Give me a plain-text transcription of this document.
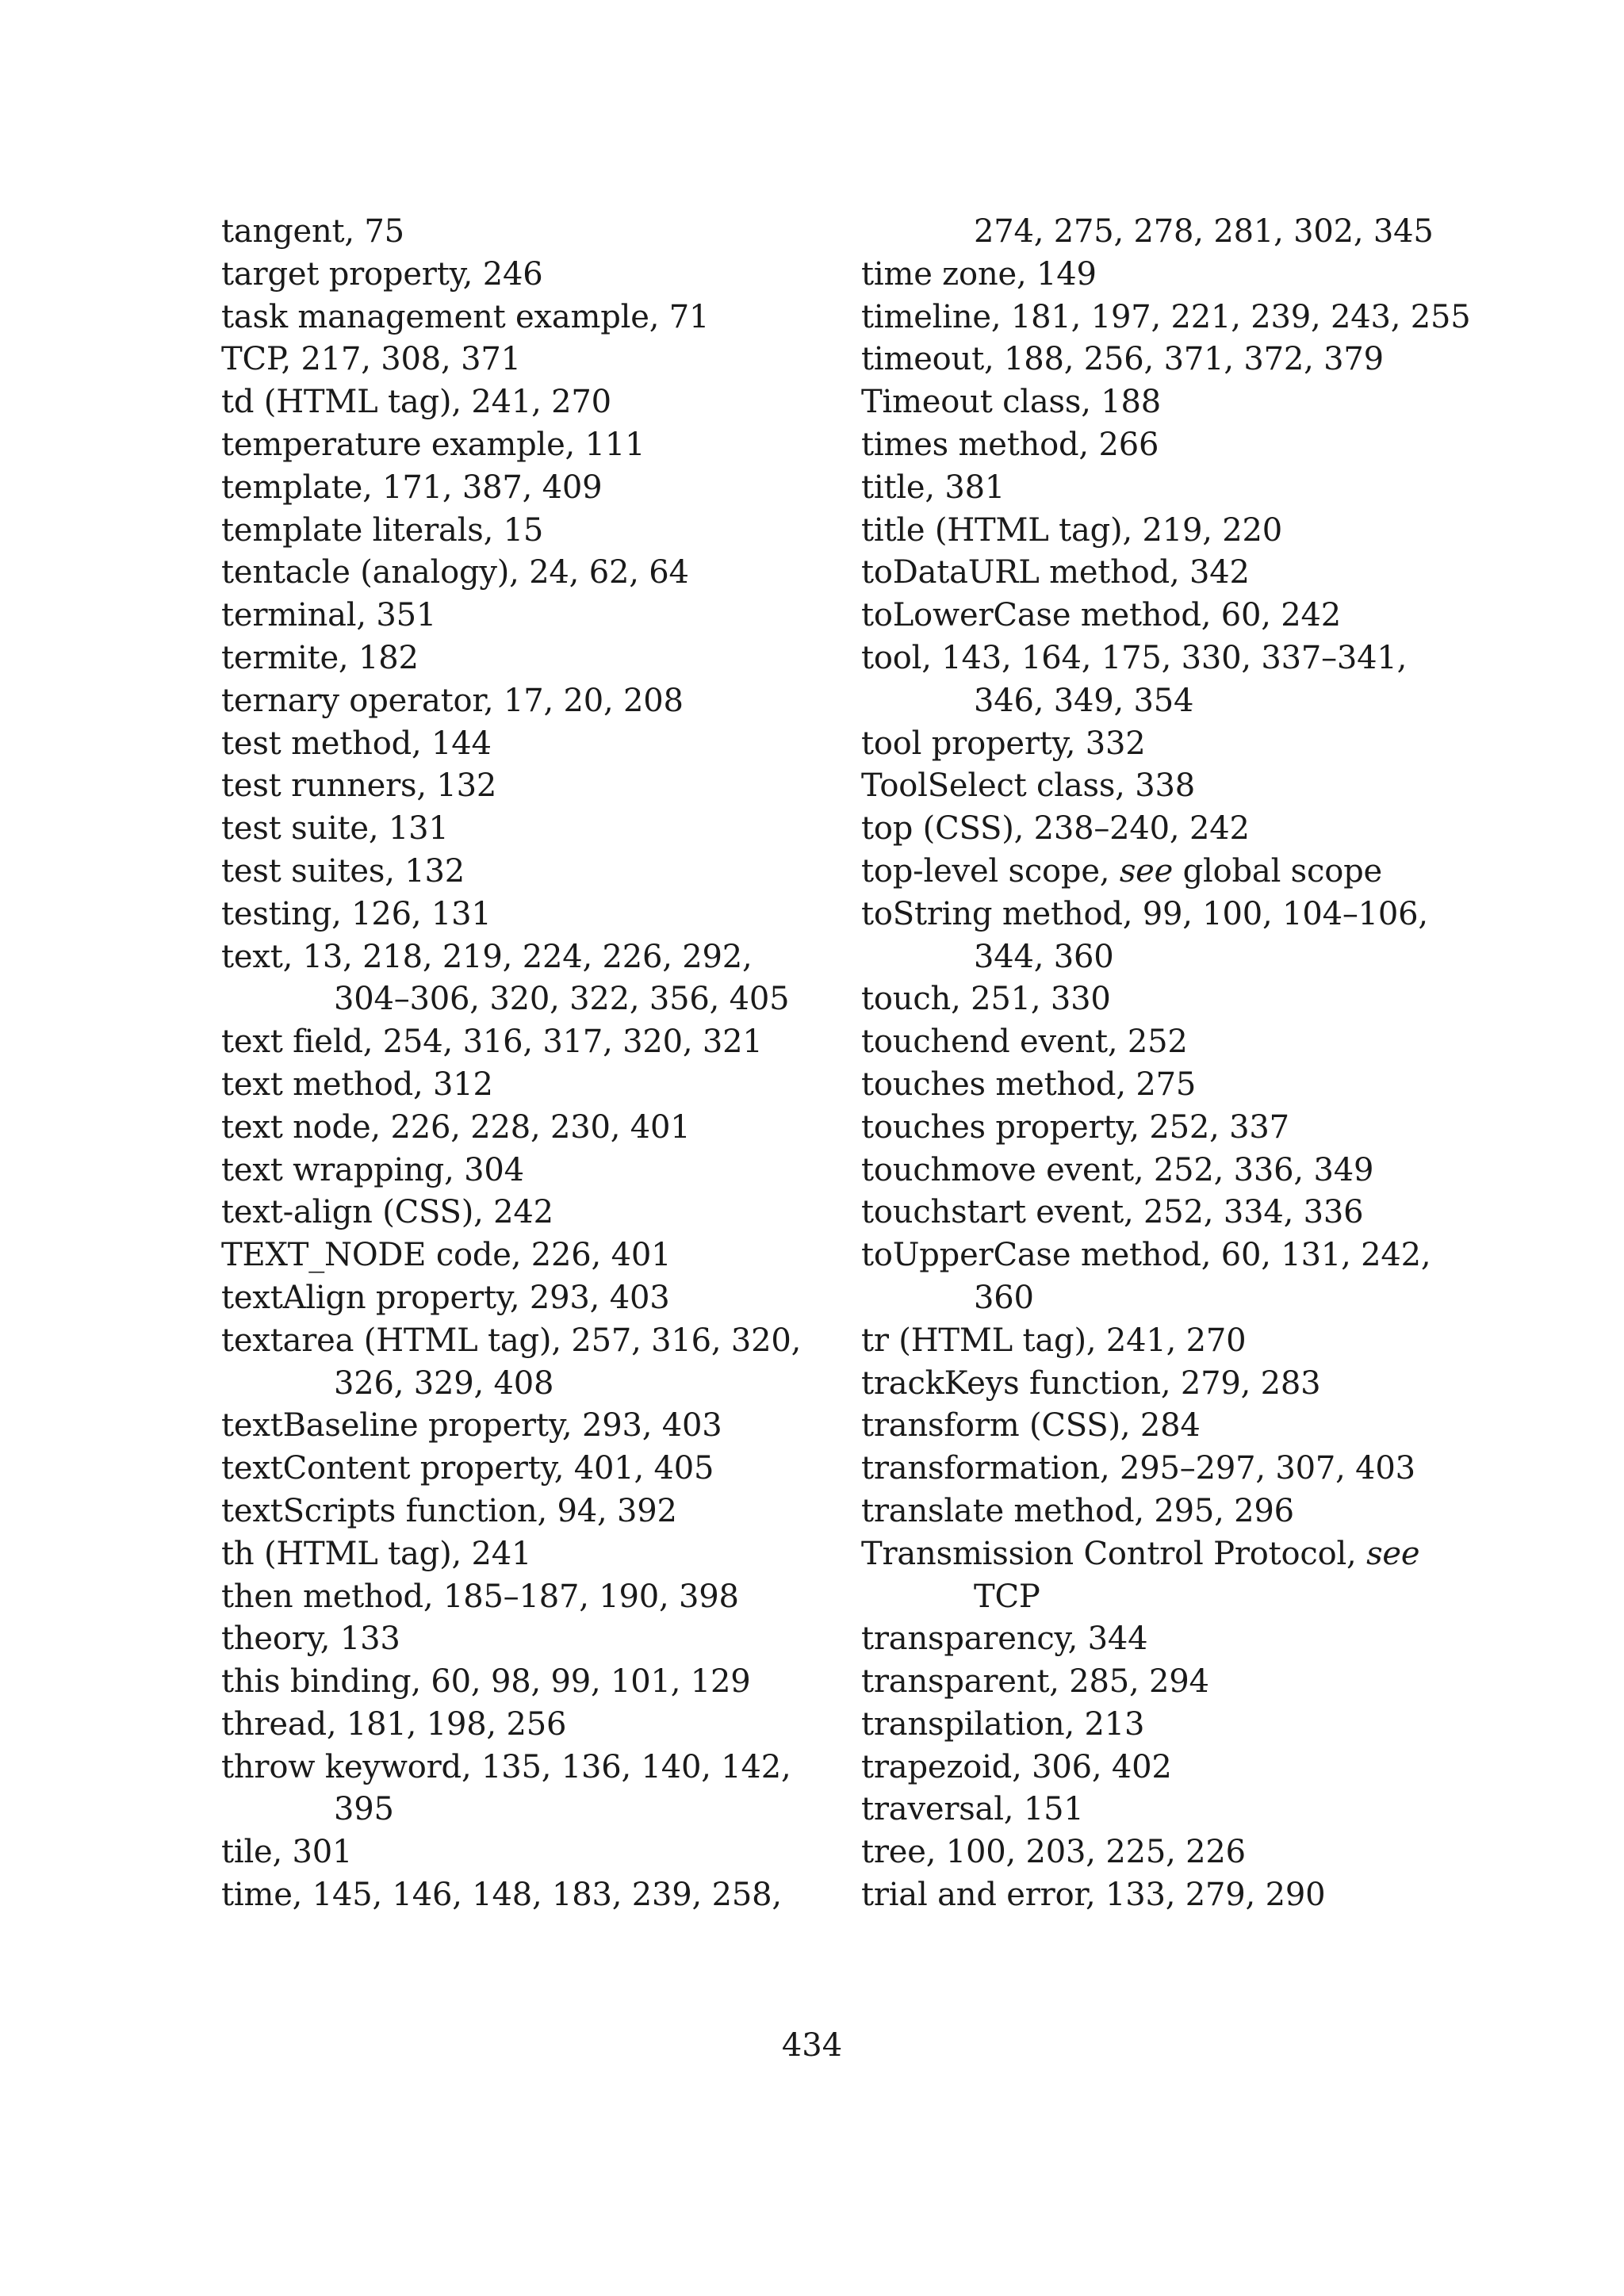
tangent, 75
target property, 246
task management example, 71
TCP, 217, 308, 371
td (HTML tag), 241, 270
temperature example, 111
template, 171, 387, 409
template literals, 15
tentacle (analogy), 24, 62, 64
terminal, 351
termite, 182
ternary operator, 17, 20, 208
test method, 144
test runners, 132
test suite, 131
test suites, 132
testing, 126, 131
text, 13, 218, 219, 224, 226, 292,
304–306, 320, 322, 356, 405
text field, 254, 316, 317, 320, 321
text method, 312
text node, 226, 228, 230, 401
text wrapping, 304
text-align (CSS), 242
TEXT_NODE code, 226, 401
textAlign property, 293, 403
textarea (HTML tag), 257, 316, 320,
326, 329, 408
textBaseline property, 293, 403
textContent property, 401, 405
textScripts function, 94, 392
th (HTML tag), 241
then method, 185–187, 190, 398
theory, 133
this binding, 60, 98, 99, 101, 129
thread, 181, 198, 256
throw keyword, 135, 136, 140, 142,
395
tile, 301
time, 145, 146, 148, 183, 239, 258,
274, 275, 278, 281, 302, 345
time zone, 149
timeline, 181, 197, 221, 239, 243, 255
timeout, 188, 256, 371, 372, 379
Timeout class, 188
times method, 266
title, 381
title (HTML tag), 219, 220
toDataURL method, 342
toLowerCase method, 60, 242
tool, 143, 164, 175, 330, 337–341,
346, 349, 354
tool property, 332
ToolSelect class, 338
top (CSS), 238–240, 242
top-level scope, see global scope
toString method, 99, 100, 104–106,
344, 360
touch, 251, 330
touchend event, 252
touches method, 275
touches property, 252, 337
touchmove event, 252, 336, 349
touchstart event, 252, 334, 336
toUpperCase method, 60, 131, 242,
360
tr (HTML tag), 241, 270
trackKeys function, 279, 283
transform (CSS), 284
transformation, 295–297, 307, 403
translate method, 295, 296
Transmission Control Protocol, see
TCP
transparency, 344
transparent, 285, 294
transpilation, 213
trapezoid, 306, 402
traversal, 151
tree, 100, 203, 225, 226
trial and error, 133, 279, 290
434
